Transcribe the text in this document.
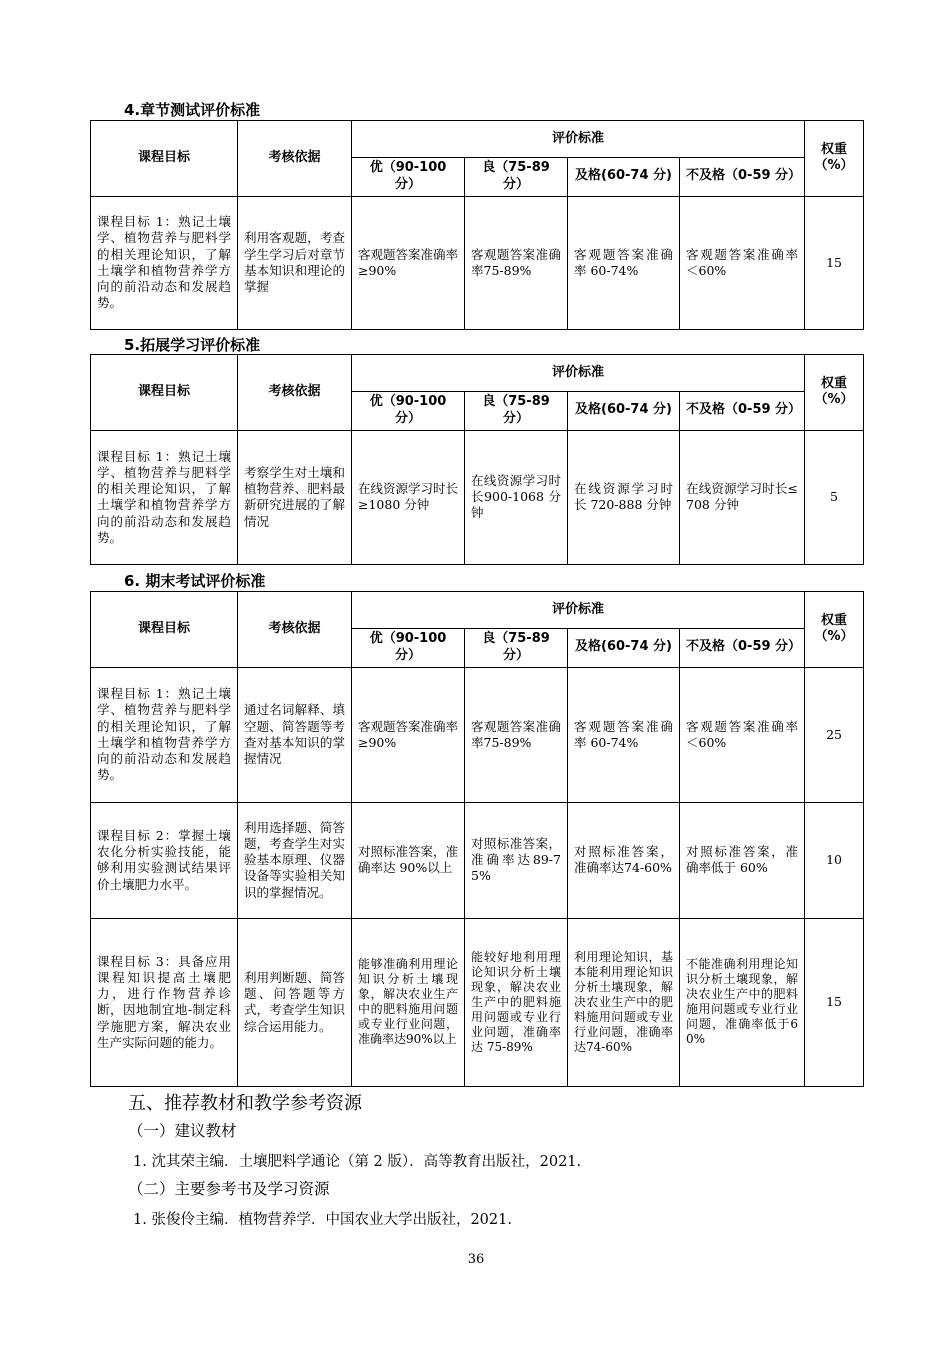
4.章节测试评价标准
课程目标	考核依据	评价标准				权重（%）
		优（90-100 分）	良（75-89 分）	及格(60-74 分)	不及格（0-59 分）	
课程目标 1：熟记土壤学、植物营养与肥料学的相关理论知识，了解土壤学和植物营养学方向的前沿动态和发展趋势。	利用客观题，考查学生学习后对章节基本知识和理论的掌握	客观题答案准确率≥90%	客观题答案准确率75-89%	客观题答案准确率 60-74%	客观题答案准确率＜60%	15
5.拓展学习评价标准
课程目标	考核依据	评价标准				权重（%）
		优（90-100 分）	良（75-89 分）	及格(60-74 分)	不及格（0-59 分）	
课程目标 1：熟记土壤学、植物营养与肥料学的相关理论知识，了解土壤学和植物营养学方向的前沿动态和发展趋势。	考察学生对土壤和植物营养、肥料最新研究进展的了解情况	在线资源学习时长≥1080 分钟	在线资源学习时长900-1068 分钟	在线资源学习时长 720-888 分钟	在线资源学习时长≤708 分钟	5
6. 期末考试评价标准
课程目标	考核依据	评价标准				权重（%）
		优（90-100 分）	良（75-89 分）	及格(60-74 分)	不及格（0-59 分）	
课程目标 1：熟记土壤学、植物营养与肥料学的相关理论知识，了解土壤学和植物营养学方向的前沿动态和发展趋势。	通过名词解释、填空题、简答题等考查对基本知识的掌握情况	客观题答案准确率≥90%	客观题答案准确率75-89%	客观题答案准确率 60-74%	客观题答案准确率＜60%	25
课程目标 2：掌握土壤农化分析实验技能，能够利用实验测试结果评价土壤肥力水平。	利用选择题、简答题，考查学生对实验基本原理、仪器设备等实验相关知识的掌握情况。	对照标准答案，准确率达 90%以上	对照标准答案，准确率达89-75%	对照标准答案，准确率达74-60%	对照标准答案，准确率低于 60%	10
课程目标 3：具备应用课程知识提高土壤肥力，进行作物营养诊断，因地制宜地-制定科学施肥方案，解决农业生产实际问题的能力。	利用判断题、简答题、问答题等方式，考查学生知识综合运用能力。	能够准确利用理论知识分析土壤现象，解决农业生产中的肥料施用问题或专业行业问题，准确率达90%以上	能较好地利用理论知识分析土壤现象，解决农业生产中的肥料施用问题或专业行业问题，准确率达 75-89%	利用理论知识，基本能利用理论知识分析土壤现象，解决农业生产中的肥料施用问题或专业行业问题，准确率达74-60%	不能准确利用理论知识分析土壤现象，解决农业生产中的肥料施用问题或专业行业问题，准确率低于60%	15
五、推荐教材和教学参考资源
（一）建议教材
1. 沈其荣主编．土壤肥料学通论（第 2 版）．高等教育出版社，2021.
（二）主要参考书及学习资源
1. 张俊伶主编．植物营养学．中国农业大学出版社，2021.
36
